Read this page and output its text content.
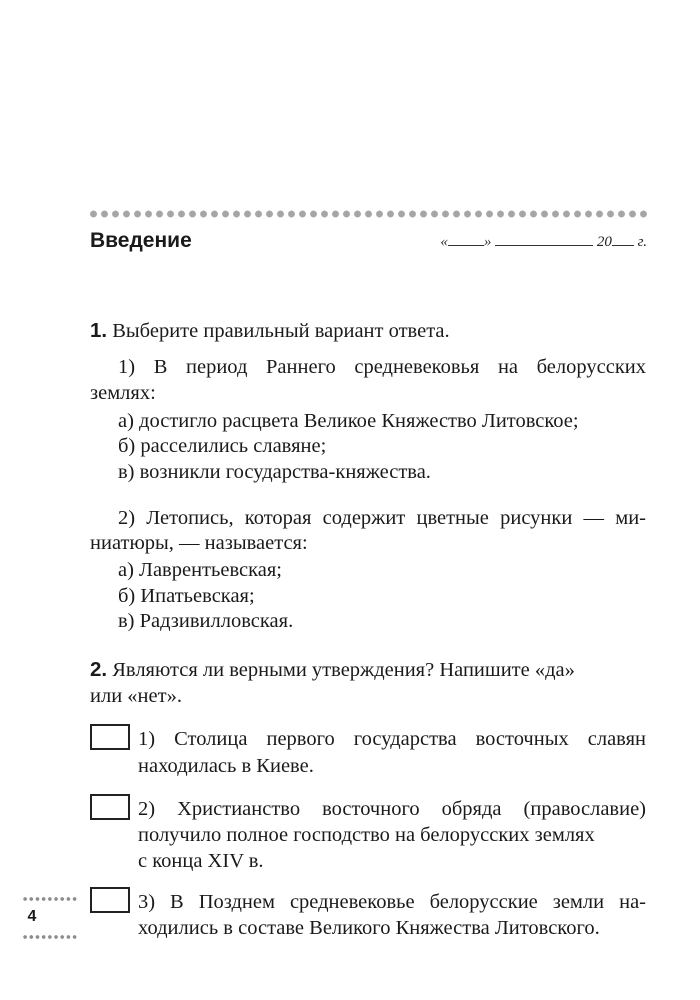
Введение	« »	20 г.
1. Выберите правильный вариант ответа.
1) В период Раннего средневековья на белорусских
землях:
а) достигло расцвета Великое Княжество Литовское;
б) расселились славяне;
в) возникли государства-княжества.
2) Летопись, которая содержит цветные рисунки — ми-
ниатюры, — называется:
а) Лаврентьевская;
б) Ипатьевская;
в) Радзивилловская.
2. Являются ли верными утверждения? Напишите «да»
или «нет».
1) Столица первого государства восточных славян
находилась в Киеве.
2) Христианство восточного обряда (православие)
получило полное господство на белорусских землях
с конца XIV в.
3) В Позднем средневековье белорусские земли на-
ходились в составе Великого Княжества Литовского.
4
